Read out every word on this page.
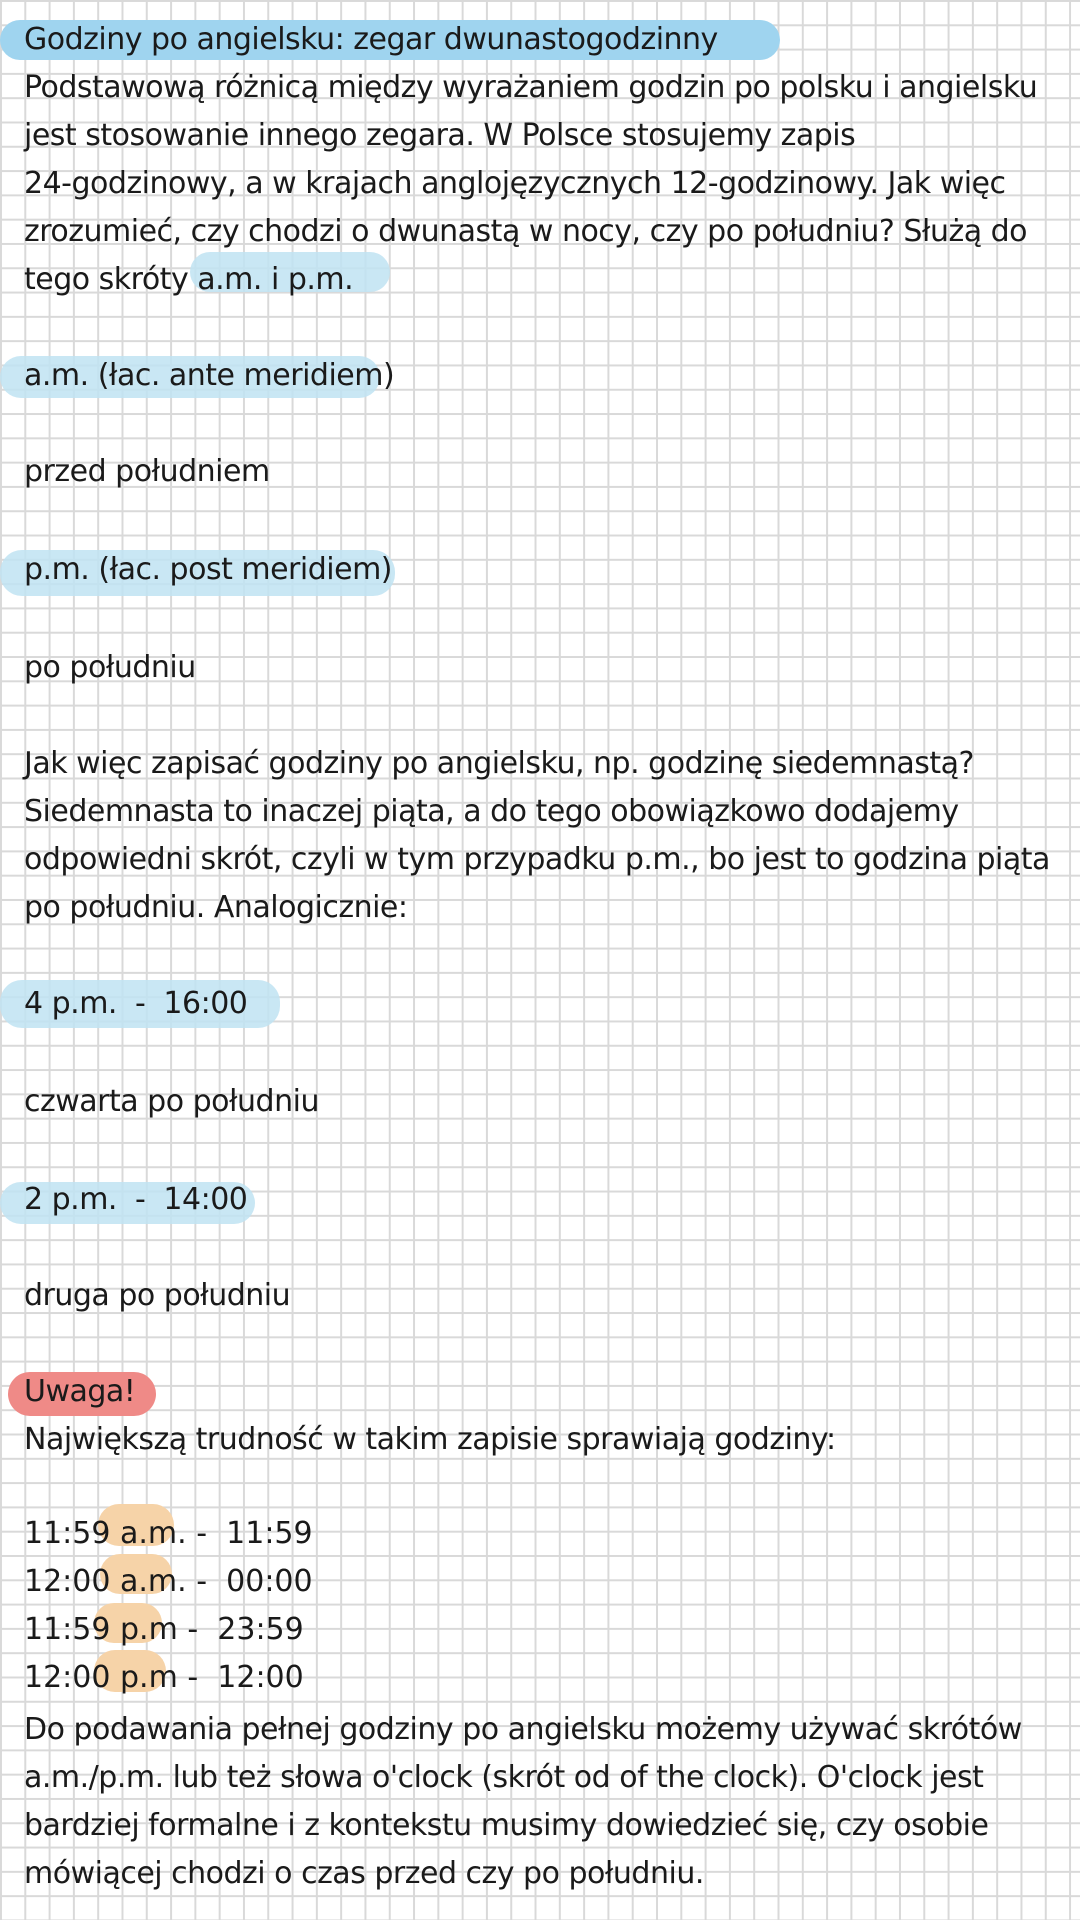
Godziny po angielsku: zegar dwunastogodzinny

Podstawową różnicą między wyrażaniem godzin po polsku i angielsku

jest stosowanie innego zegara. W Polsce stosujemy zapis

24-godzinowy, a w krajach anglojęzycznych 12-godzinowy. Jak więc

zrozumieć, czy chodzi o dwunastą w nocy, czy po południu? Służą do

tego skróty a.m. i p.m.

a.m. (łac. ante meridiem)

przed południem

p.m. (łac. post meridiem)

po południu

Jak więc zapisać godziny po angielsku, np. godzinę siedemnastą?

Siedemnasta to inaczej piąta, a do tego obowiązkowo dodajemy

odpowiedni skrót, czyli w tym przypadku p.m., bo jest to godzina piąta

po południu. Analogicznie:

4 p.m.  -  16:00

czwarta po południu

2 p.m.  -  14:00

druga po południu

Uwaga!

Największą trudność w takim zapisie sprawiają godziny:

11:59 a.m. -  11:59
12:00 a.m. -  00:00
11:59 p.m -  23:59
12:00 p.m -  12:00

Do podawania pełnej godziny po angielsku możemy używać skrótów

a.m./p.m. lub też słowa o'clock (skrót od of the clock). O'clock jest

bardziej formalne i z kontekstu musimy dowiedzieć się, czy osobie

mówiącej chodzi o czas przed czy po południu.
